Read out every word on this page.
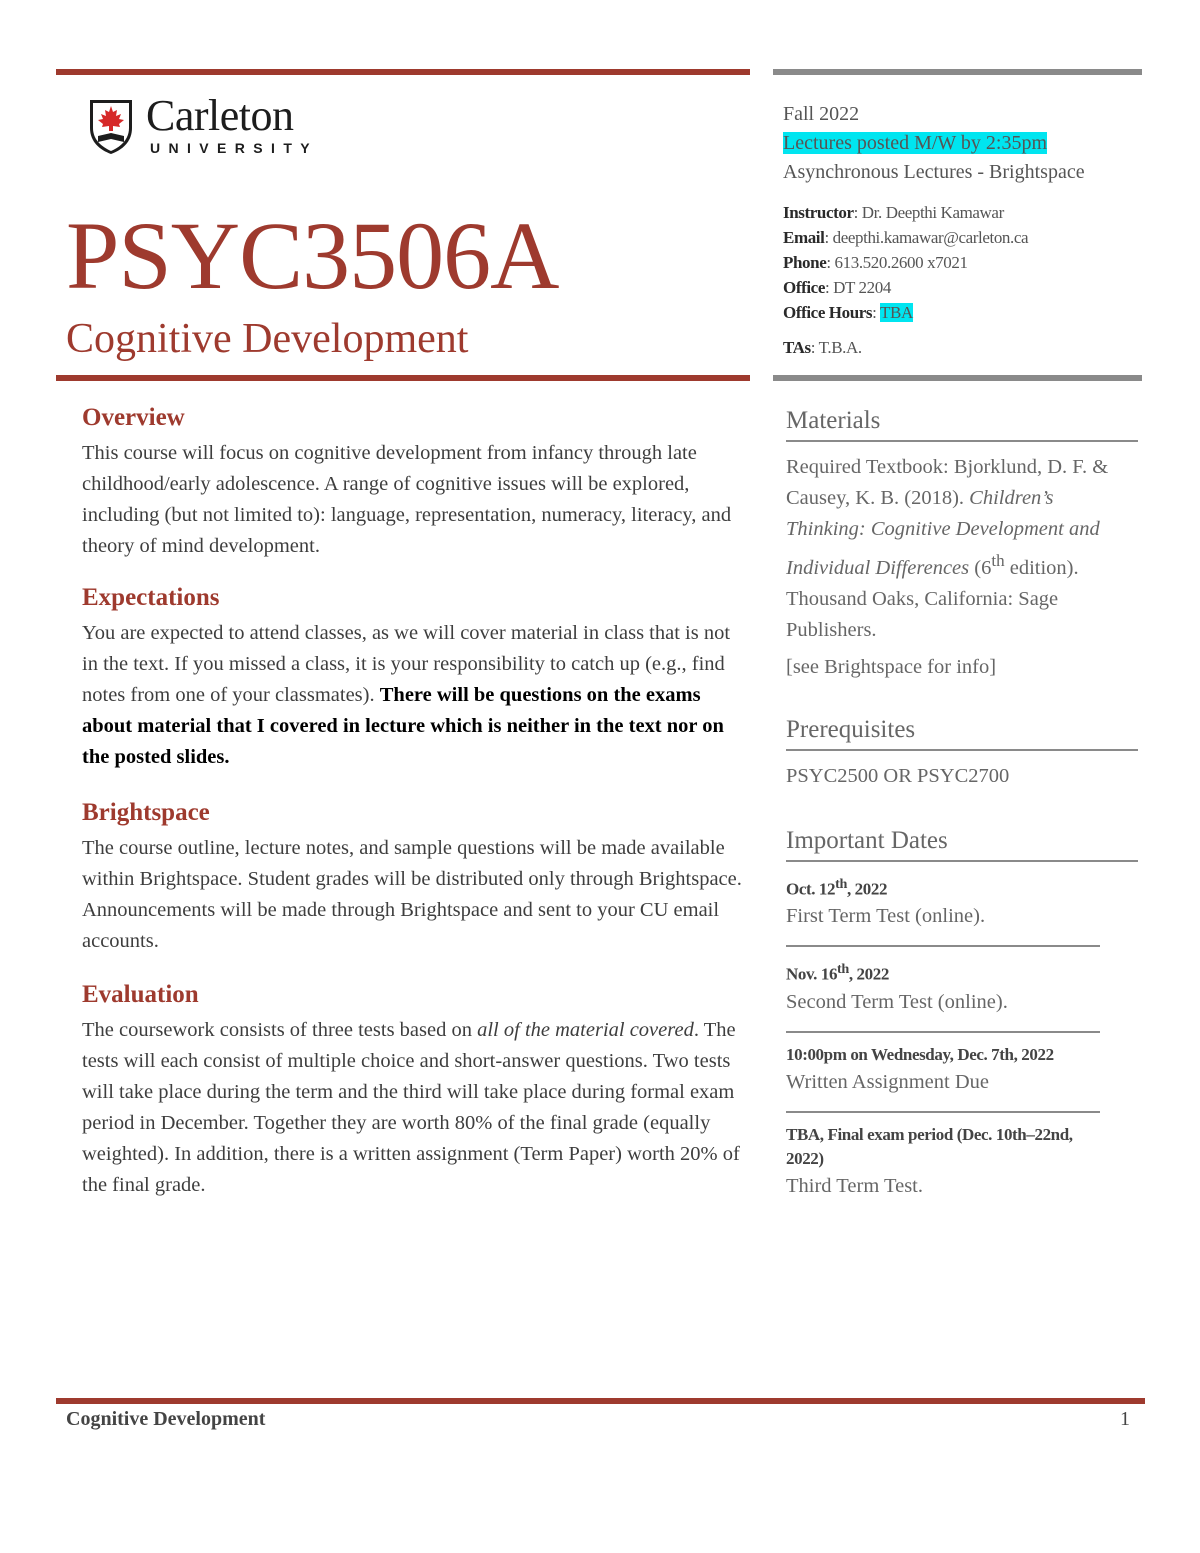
Carleton
UNIVERSITY
PSYC3506A
Cognitive Development
Fall 2022
Lectures posted M/W by 2:35pm
Asynchronous Lectures - Brightspace
Instructor: Dr. Deepthi Kamawar
Email: deepthi.kamawar@carleton.ca
Phone: 613.520.2600 x7021
Office: DT 2204
Office Hours: TBA
TAs: T.B.A.
Overview

This course will focus on cognitive development from infancy through late childhood/early adolescence. A range of cognitive issues will be explored, including (but not limited to): language, representation, numeracy, literacy, and theory of mind development.

Expectations

You are expected to attend classes, as we will cover material in class that is not in the text. If you missed a class, it is your responsibility to catch up (e.g., find notes from one of your classmates). There will be questions on the exams about material that I covered in lecture which is neither in the text nor on the posted slides.

Brightspace

The course outline, lecture notes, and sample questions will be made available within Brightspace. Student grades will be distributed only through Brightspace. Announcements will be made through Brightspace and sent to your CU email accounts.

Evaluation

The coursework consists of three tests based on all of the material covered. The tests will each consist of multiple choice and short-answer questions. Two tests will take place during the term and the third will take place during formal exam period in December. Together they are worth 80% of the final grade (equally weighted). In addition, there is a written assignment (Term Paper) worth 20% of the final grade.

Materials

Required Textbook: Bjorklund, D. F. & Causey, K. B. (2018). Children’s Thinking: Cognitive Development and Individual Differences (6th edition). Thousand Oaks, California: Sage Publishers.

[see Brightspace for info]

Prerequisites

PSYC2500 OR PSYC2700

Important Dates
Oct. 12th, 2022
First Term Test (online).
Nov. 16th, 2022
Second Term Test (online).
10:00pm on Wednesday, Dec. 7th, 2022
Written Assignment Due
TBA, Final exam period (Dec. 10th–22nd, 2022)
Third Term Test.
Cognitive Development	1
